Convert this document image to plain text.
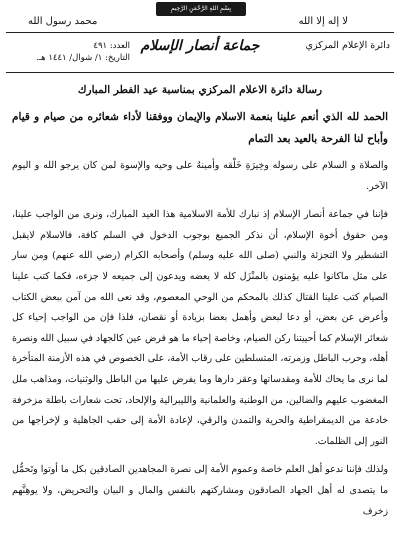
بِسْمِ اللهِ الرَّحْمَنِ الرَّحِيمِ
لا إله إلا الله
محمد رسول الله
دائرة الإعلام المركزي
جماعة أنصار الإسلام
العدد: ٤٩١
التاريخ: ١/ شوال/ ١٤٤١ هـ.

رسالة دائرة الاعلام المركزي بمناسبة عيد الفطر المبارك

الحمد لله الذي أنعم علينا بنعمة الاسلام والإيمان ووفقنا لأداء شعائره من صيام و قيام وأباح لنا الفرحة بالعيد بعد التمام

والصلاة و السلام على رسوله وخِيرَةِ خَلْقه وأمينهُ على وحيه والإسوة لمن كان يرجو الله و اليوم الآخر.

فإننا في جماعة أنصار الإسلام إذ نبارك للأمة الاسلامية هذا العيد المبارك، ونرى من الواجب علينا، ومن حقوق أخوة الإسلام، أن نذكر الجميع بوجوب الدخول في السلم كافة، فالاسلام لايقبل التشطير ولا التجزئة والنبي (صلى الله عليه وسلم) وأصحابه الكرام (رضي الله عنهم) ومن سار على مثل ماكانوا عليه يؤمنون بالمنْزَل كله لا يعضه ويدعون إلى جميعه لا جزءه، فكما كتب علينا الصيام كتب علينا القتال كذلك بالمحكم من الوحي المعصوم، وقد نعى الله من آمن ببعض الكتاب وأعرض عن بعض، أو دعا لبعض وأهمل بعضا بزيادة أو نقصان، فلذا فإن من الواجب إحياء كل شعائر الإسلام كما أحييتنا ركن الصيام، وخاصة إحياء ما هو فرض عين كالجهاد في سبيل الله ونصرة أهله، وحرب الباطل وزمرته، المتسلطين على رقاب الأمة، على الخصوص في هذه الأزمنة المتأخرة لما نرى ما يحاك للأمة ومقدساتها وعقر دارها وما يفرض عليها من الباطل والوثنيات، ومذاهب ملل المغضوب عليهم والضالين، من الوطنية والعلمانية والليبرالية والإلحاد، تحت شعارات باطلة مزخرفة خادعة من الديمقراطية والحرية والتمدن والرقي، لإعادة الأمة إلى حقب الجاهلية و لإخراجها من النور إلى الظلمات.

ولذلك فإننا ندعو أهل العلم خاصة وعموم الأمة إلى نصرة المجاهدين الصادقين بكل ما أوتوا وتَحمُّل ما يتصدى له أهل الجهاد الصادقون ومشاركتهم بالنفس والمال و البيان والتحريض، ولا يوهِنَّهم زخرف
